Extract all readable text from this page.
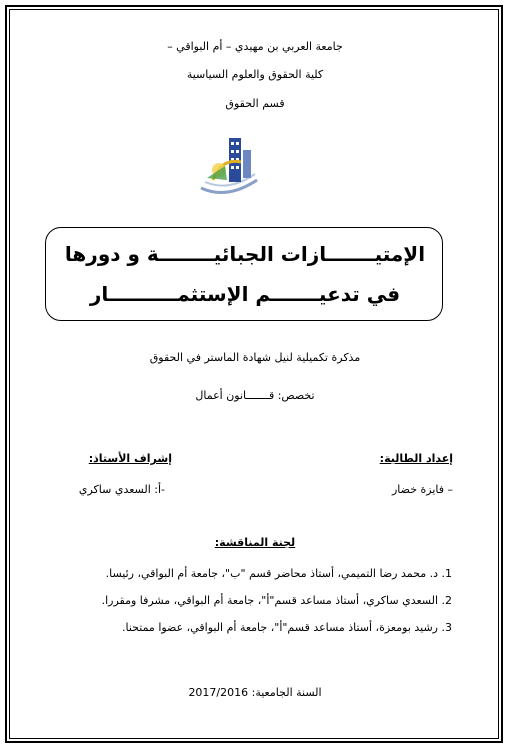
جامعة العربي بن مهيدي – أم البواقي –
كلية الحقوق والعلوم السياسية
قسم الحقوق
الإمتيـــــــازات الجبائيــــــــة و دورها
في تدعيـــــــم الإستثمــــــــــار
مذكرة تكميلية لنيل شهادة الماستر في الحقوق
تخصص: قـــــــانون أعمال
إعداد الطالبة:
– فايزة خضار
إشراف الأستاذ:
-أ: السعدي ساكري
لجنة المناقشة:
1. د. محمد رضا التميمي، أستاذ محاضر قسم "ب"، جامعة أم البواقي، رئيسا.
2. السعدي ساكري، أستاذ مساعد قسم"أ"، جامعة أم البواقي، مشرفا ومقررا.
3. رشيد بومعزة، أستاذ مساعد قسم"أ"، جامعة أم البواقي، عضوا ممتحنا.
السنة الجامعية: 2017/2016
